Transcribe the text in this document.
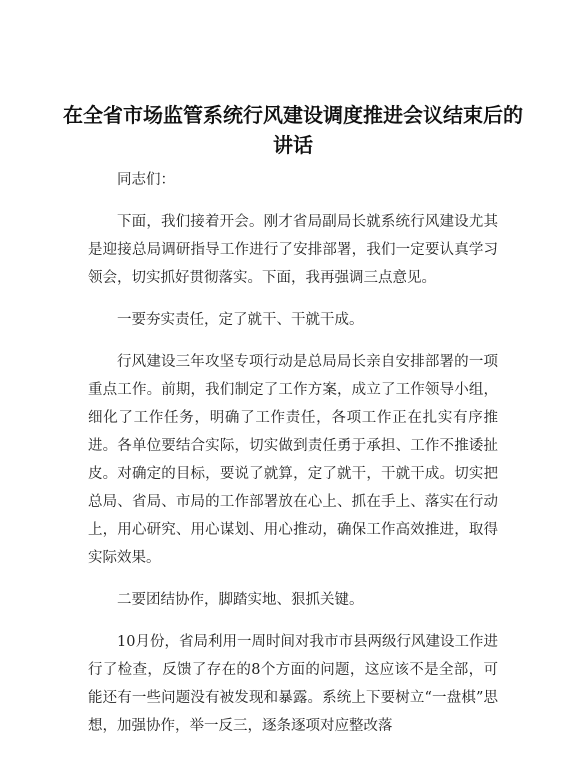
在全省市场监管系统行风建设调度推进会议结束后的讲话

同志们：

下面，我们接着开会。刚才省局副局长就系统行风建设尤其是迎接总局调研指导工作进行了安排部署，我们一定要认真学习领会，切实抓好贯彻落实。下面，我再强调三点意见。

一要夯实责任，定了就干、干就干成。

行风建设三年攻坚专项行动是总局局长亲自安排部署的一项重点工作。前期，我们制定了工作方案，成立了工作领导小组，细化了工作任务，明确了工作责任，各项工作正在扎实有序推进。各单位要结合实际，切实做到责任勇于承担、工作不推诿扯皮。对确定的目标，要说了就算，定了就干，干就干成。切实把总局、省局、市局的工作部署放在心上、抓在手上、落实在行动上，用心研究、用心谋划、用心推动，确保工作高效推进，取得实际效果。

二要团结协作，脚踏实地、狠抓关键。

10月份，省局利用一周时间对我市市县两级行风建设工作进行了检查，反馈了存在的8个方面的问题，这应该不是全部，可能还有一些问题没有被发现和暴露。系统上下要树立“一盘棋”思想，加强协作，举一反三，逐条逐项对应整改落
